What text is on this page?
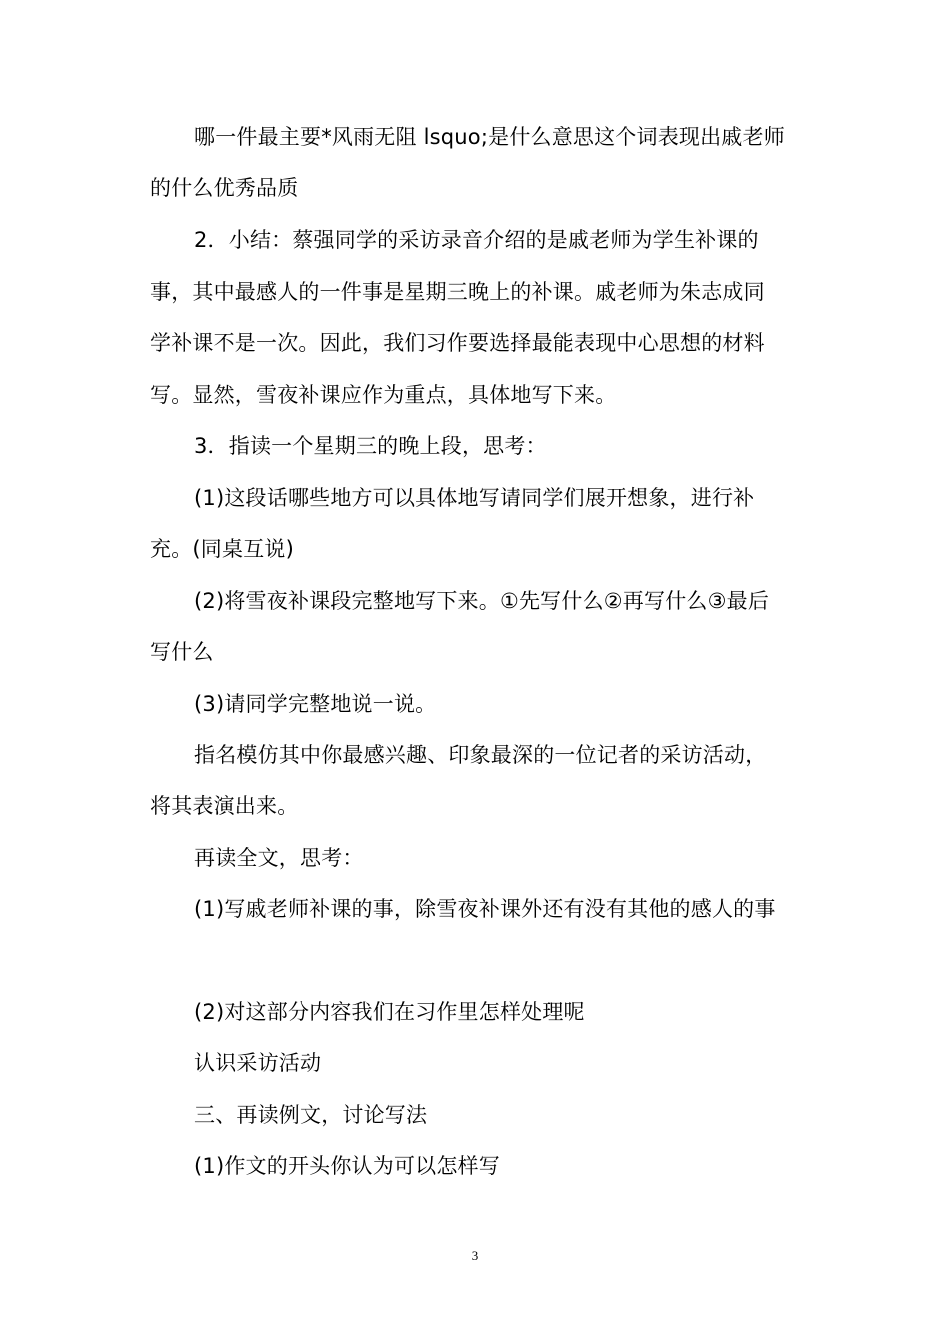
哪一件最主要*风雨无阻 lsquo;是什么意思这个词表现出戚老师
的什么优秀品质
2．小结：蔡强同学的采访录音介绍的是戚老师为学生补课的
事，其中最感人的一件事是星期三晚上的补课。戚老师为朱志成同
学补课不是一次。因此，我们习作要选择最能表现中心思想的材料
写。显然，雪夜补课应作为重点，具体地写下来。
3．指读一个星期三的晚上段，思考：
(1)这段话哪些地方可以具体地写请同学们展开想象，进行补
充。(同桌互说)
(2)将雪夜补课段完整地写下来。①先写什么②再写什么③最后
写什么
(3)请同学完整地说一说。
指名模仿其中你最感兴趣、印象最深的一位记者的采访活动，
将其表演出来。
再读全文，思考：
(1)写戚老师补课的事，除雪夜补课外还有没有其他的感人的事
(2)对这部分内容我们在习作里怎样处理呢
认识采访活动
三、再读例文，讨论写法
(1)作文的开头你认为可以怎样写
3
